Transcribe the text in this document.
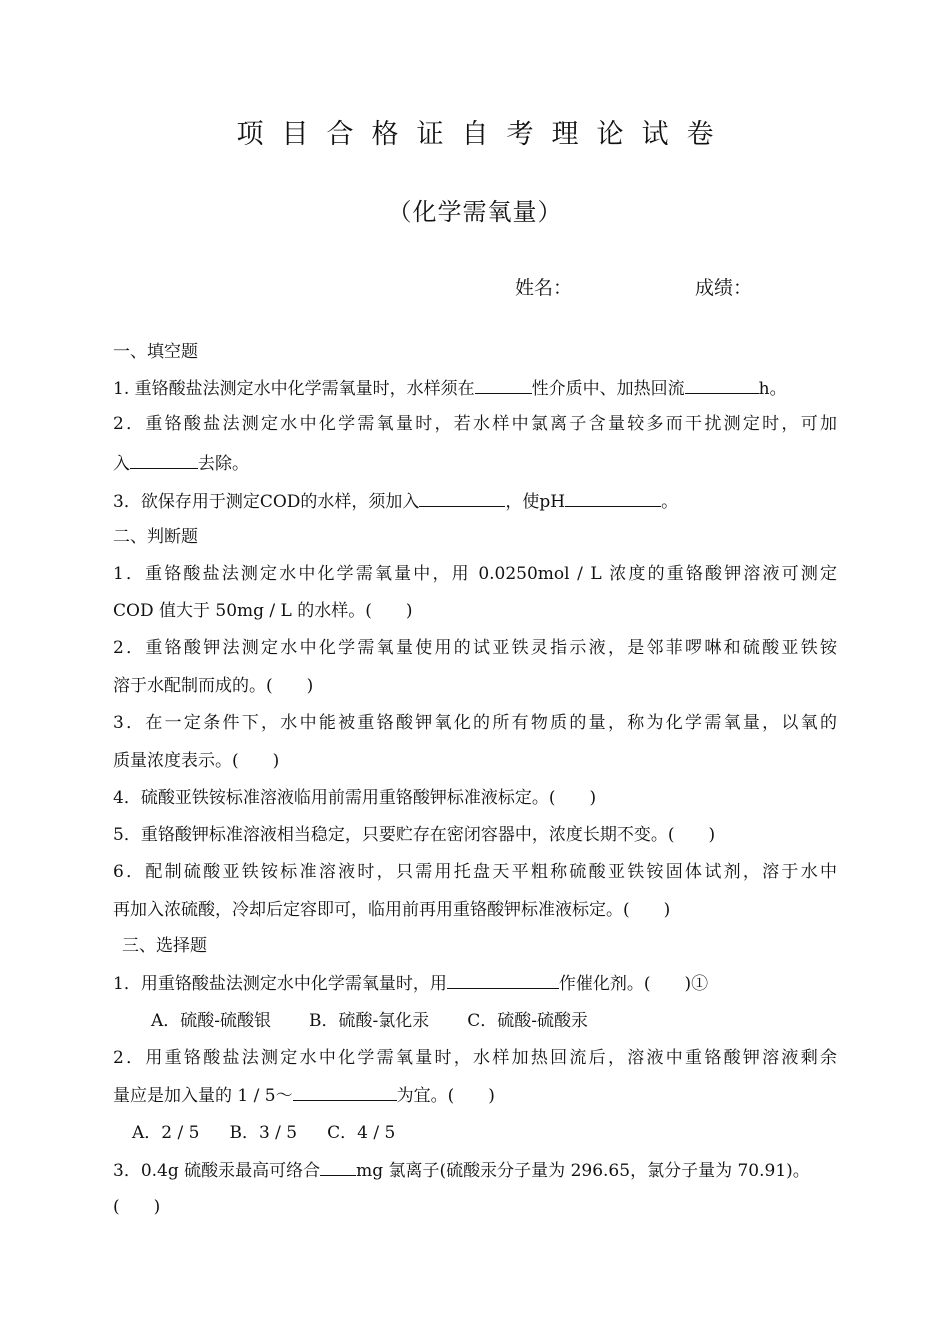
项目合格证自考理论试卷
（化学需氧量）
姓名：	成绩：
一、填空题
1. 重铬酸盐法测定水中化学需氧量时，水样须在	性介质中、加热回流	h。
2．重铬酸盐法测定水中化学需氧量时，若水样中氯离子含量较多而干扰测定时，可加
入	去除。
3．欲保存用于测定COD的水样，须加入	，使pH	。
二、判断题
1．重铬酸盐法测定水中化学需氧量中，用 0.0250mol / L 浓度的重铬酸钾溶液可测定
COD 值大于 50mg / L 的水样。(　　)
2．重铬酸钾法测定水中化学需氧量使用的试亚铁灵指示液，是邻菲啰啉和硫酸亚铁铵
溶于水配制而成的。(　　)
3．在一定条件下，水中能被重铬酸钾氧化的所有物质的量，称为化学需氧量，以氧的
质量浓度表示。(　　)
4．硫酸亚铁铵标准溶液临用前需用重铬酸钾标准液标定。(　　)
5．重铬酸钾标准溶液相当稳定，只要贮存在密闭容器中，浓度长期不变。(　　)
6．配制硫酸亚铁铵标准溶液时，只需用托盘天平粗称硫酸亚铁铵固体试剂，溶于水中
再加入浓硫酸，冷却后定容即可，临用前再用重铬酸钾标准液标定。(　　)
三、选择题
1．用重铬酸盐法测定水中化学需氧量时，用	作催化剂。(　　)①
A．硫酸-硫酸银 B．硫酸-氯化汞 C．硫酸-硫酸汞
2．用重铬酸盐法测定水中化学需氧量时，水样加热回流后，溶液中重铬酸钾溶液剩余
量应是加入量的 1 / 5～	为宜。(　　)
A．2 / 5 B．3 / 5 C．4 / 5
3．0.4g 硫酸汞最高可络合 mg 氯离子(硫酸汞分子量为 296.65，氯分子量为 70.91)。
(　　)
